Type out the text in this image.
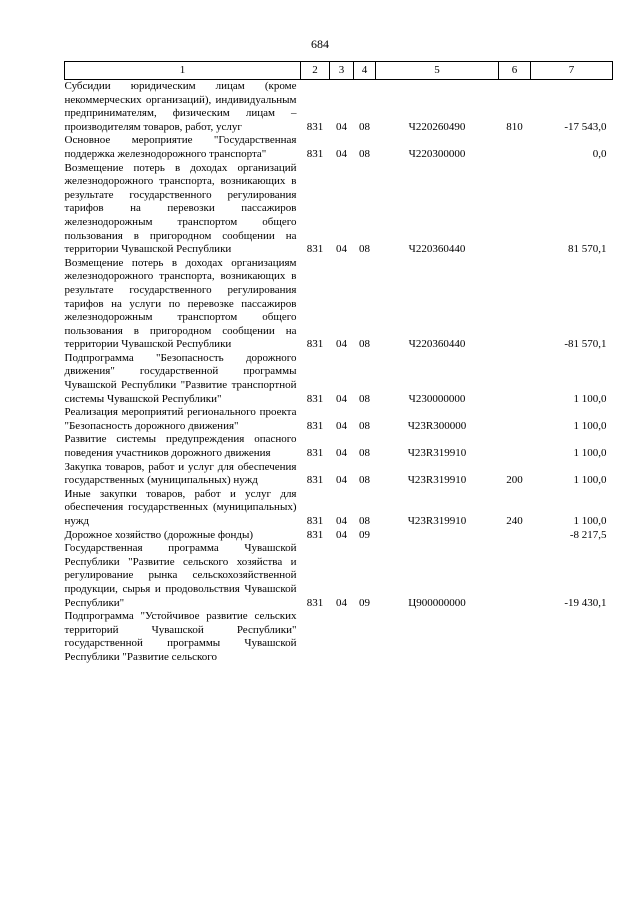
684
1	2	3	4	5	6	7
Субсидии юридическим лицам (кроме некоммерческих организаций), индивидуальным предпринимателям, физическим лицам – производителям товаров, работ, услуг	831	04	08	Ч220260490	810	-17 543,0
Основное мероприятие "Государственная поддержка железнодорожного транспорта"	831	04	08	Ч220300000		0,0
Возмещение потерь в доходах организаций железнодорожного транспорта, возникающих в результате государственного регулирования тарифов на перевозки пассажиров железнодорожным транспортом общего пользования в пригородном сообщении на территории Чувашской Республики	831	04	08	Ч220360440		81 570,1
Возмещение потерь в доходах организациям железнодорожного транспорта, возникающих в результате государственного регулирования тарифов на услуги по перевозке пассажиров железнодорожным транспортом общего пользования в пригородном сообщении на территории Чувашской Республики	831	04	08	Ч220360440		-81 570,1
Подпрограмма "Безопасность дорожного движения" государственной программы Чувашской Республики "Развитие транспортной системы Чувашской Республики"	831	04	08	Ч230000000		1 100,0
Реализация мероприятий регионального проекта "Безопасность дорожного движения"	831	04	08	Ч23R300000		1 100,0
Развитие системы предупреждения опасного поведения участников дорожного движения	831	04	08	Ч23R319910		1 100,0
Закупка товаров, работ и услуг для обеспечения государственных (муниципальных) нужд	831	04	08	Ч23R319910	200	1 100,0
Иные закупки товаров, работ и услуг для обеспечения государственных (муниципальных) нужд	831	04	08	Ч23R319910	240	1 100,0
Дорожное хозяйство (дорожные фонды)	831	04	09			-8 217,5
Государственная программа Чувашской Республики "Развитие сельского хозяйства и регулирование рынка сельскохозяйственной продукции, сырья и продовольствия Чувашской Республики"	831	04	09	Ц900000000		-19 430,1
Подпрограмма "Устойчивое развитие сельских территорий Чувашской Республики" государственной программы Чувашской Республики "Развитие сельского						
